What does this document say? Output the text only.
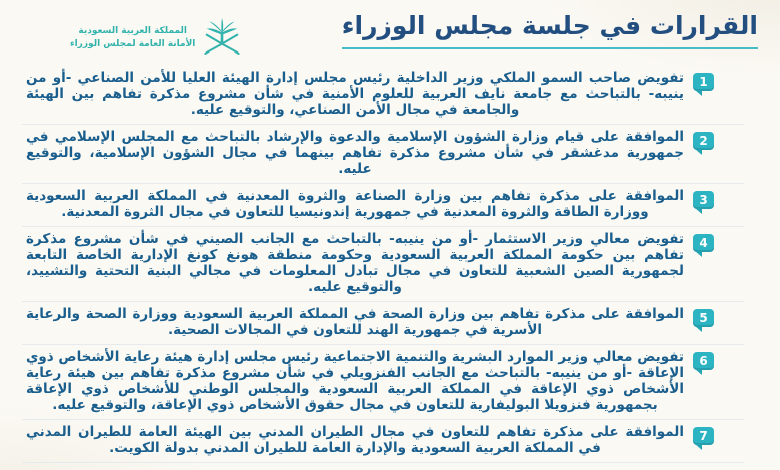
القرارات في جلسة مجلس الوزراء
المملكة العربية السعودية
الأمانة العامة لمجلس الوزراء
1

تفويض صاحب السمو الملكي وزير الداخلية رئيس مجلس إدارة الهيئة العليا للأمن الصناعي -أو من ينيبه- بالتباحث مع جامعة نايف العربية للعلوم الأمنية في شأن مشروع مذكرة تفاهم بين الهيئة والجامعة في مجال الأمن الصناعي، والتوقيع عليه.

2

الموافقة على قيام وزارة الشؤون الإسلامية والدعوة والإرشاد بالتباحث مع المجلس الإسلامي في جمهورية مدغشقر في شأن مشروع مذكرة تفاهم بينهما في مجال الشؤون الإسلامية، والتوقيع عليه.

3

الموافقة على مذكرة تفاهم بين وزارة الصناعة والثروة المعدنية في المملكة العربية السعودية ووزارة الطاقة والثروة المعدنية في جمهورية إندونيسيا للتعاون في مجال الثروة المعدنية.

4

تفويض معالي وزير الاستثمار -أو من ينيبه- بالتباحث مع الجانب الصيني في شأن مشروع مذكرة تفاهم بين حكومة المملكة العربية السعودية وحكومة منطقة هونغ كونغ الإدارية الخاصة التابعة لجمهورية الصين الشعبية للتعاون في مجال تبادل المعلومات في مجالي البنية التحتية والتشييد، والتوقيع عليه.

5

الموافقة على مذكرة تفاهم بين وزارة الصحة في المملكة العربية السعودية ووزارة الصحة والرعاية الأسرية في جمهورية الهند للتعاون في المجالات الصحية.

6

تفويض معالي وزير الموارد البشرية والتنمية الاجتماعية رئيس مجلس إدارة هيئة رعاية الأشخاص ذوي الإعاقة -أو من ينيبه- بالتباحث مع الجانب الفنزويلي في شأن مشروع مذكرة تفاهم بين هيئة رعاية الأشخاص ذوي الإعاقة في المملكة العربية السعودية والمجلس الوطني للأشخاص ذوي الإعاقة بجمهورية فنزويلا البوليفارية للتعاون في مجال حقوق الأشخاص ذوي الإعاقة، والتوقيع عليه.

7

الموافقة على مذكرة تفاهم للتعاون في مجال الطيران المدني بين الهيئة العامة للطيران المدني في المملكة العربية السعودية والإدارة العامة للطيران المدني بدولة الكويت.
